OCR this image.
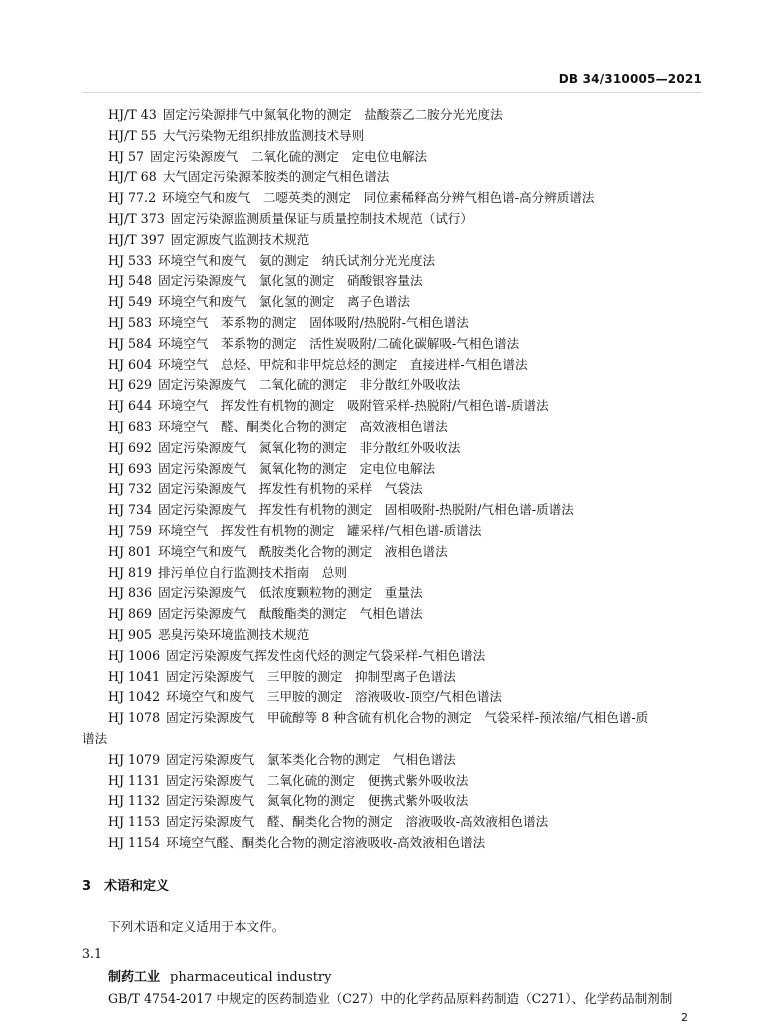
DB 34/310005—2021
HJ/T 43 固定污染源排气中氮氧化物的测定　盐酸萘乙二胺分光光度法
HJ/T 55 大气污染物无组织排放监测技术导则
HJ 57 固定污染源废气　二氧化硫的测定　定电位电解法
HJ/T 68 大气固定污染源苯胺类的测定气相色谱法
HJ 77.2 环境空气和废气　二噁英类的测定　同位素稀释高分辨气相色谱-高分辨质谱法
HJ/T 373 固定污染源监测质量保证与质量控制技术规范（试行）
HJ/T 397 固定源废气监测技术规范
HJ 533 环境空气和废气　氨的测定　纳氏试剂分光光度法
HJ 548 固定污染源废气　氯化氢的测定　硝酸银容量法
HJ 549 环境空气和废气　氯化氢的测定　离子色谱法
HJ 583 环境空气　苯系物的测定　固体吸附/热脱附-气相色谱法
HJ 584 环境空气　苯系物的测定　活性炭吸附/二硫化碳解吸-气相色谱法
HJ 604 环境空气　总烃、甲烷和非甲烷总烃的测定　直接进样-气相色谱法
HJ 629 固定污染源废气　二氧化硫的测定　非分散红外吸收法
HJ 644 环境空气　挥发性有机物的测定　吸附管采样-热脱附/气相色谱-质谱法
HJ 683 环境空气　醛、酮类化合物的测定　高效液相色谱法
HJ 692 固定污染源废气　氮氧化物的测定　非分散红外吸收法
HJ 693 固定污染源废气　氮氧化物的测定　定电位电解法
HJ 732 固定污染源废气　挥发性有机物的采样　气袋法
HJ 734 固定污染源废气　挥发性有机物的测定　固相吸附-热脱附/气相色谱-质谱法
HJ 759 环境空气　挥发性有机物的测定　罐采样/气相色谱-质谱法
HJ 801 环境空气和废气　酰胺类化合物的测定　液相色谱法
HJ 819 排污单位自行监测技术指南　总则
HJ 836 固定污染源废气　低浓度颗粒物的测定　重量法
HJ 869 固定污染源废气　酞酸酯类的测定　气相色谱法
HJ 905 恶臭污染环境监测技术规范
HJ 1006 固定污染源废气挥发性卤代烃的测定气袋采样-气相色谱法
HJ 1041 固定污染源废气　三甲胺的测定　抑制型离子色谱法
HJ 1042 环境空气和废气　三甲胺的测定　溶液吸收-顶空/气相色谱法
HJ 1078 固定污染源废气　甲硫醇等 8 种含硫有机化合物的测定　气袋采样-预浓缩/气相色谱-质
谱法
HJ 1079 固定污染源废气　氯苯类化合物的测定　气相色谱法
HJ 1131 固定污染源废气　二氧化硫的测定　便携式紫外吸收法
HJ 1132 固定污染源废气　氮氧化物的测定　便携式紫外吸收法
HJ 1153 固定污染源废气　醛、酮类化合物的测定　溶液吸收-高效液相色谱法
HJ 1154 环境空气醛、酮类化合物的测定溶液吸收-高效液相色谱法
3 术语和定义
下列术语和定义适用于本文件。
3.1
制药工业 pharmaceutical industry
GB/T 4754-2017 中规定的医药制造业（C27）中的化学药品原料药制造（C271）、化学药品制剂制
2
